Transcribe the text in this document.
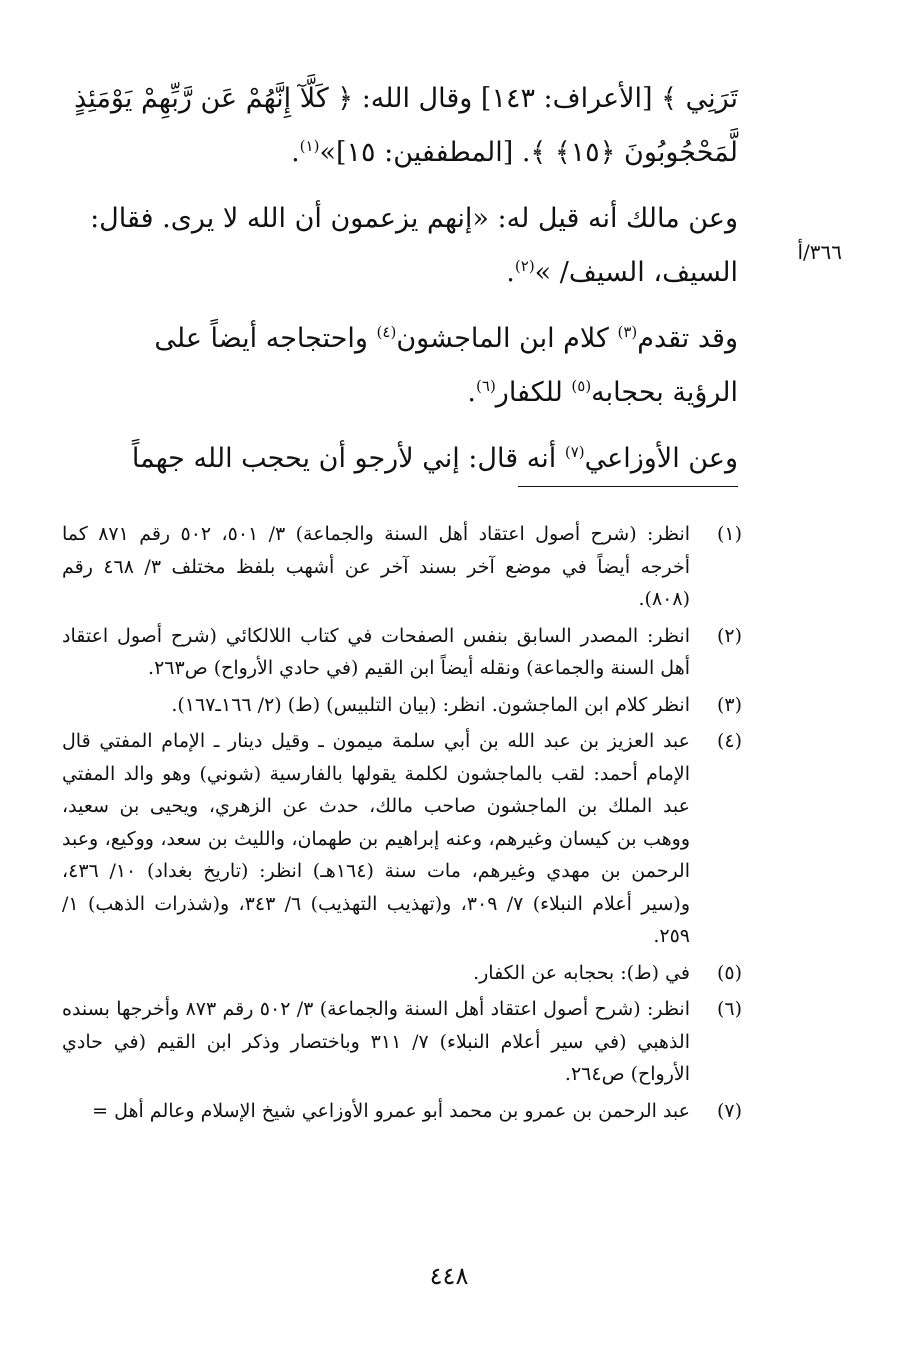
تَرَنِي ﴾ [الأعراف: ١٤٣] وقال الله: ﴿ كَلَّآ إِنَّهُمْ عَن رَّبِّهِمْ يَوْمَئِذٍ
لَّمَحْجُوبُونَ ﴿١٥﴾ ﴾. [المطففين: ١٥]»$^{(١)}$.
وعن مالك أنه قيل له: «إنهم يزعمون أن الله لا يرى. فقال:
السيف، السيف/ »$^{(٢)}$.
وقد تقدم$^{(٣)}$ كلام ابن الماجشون$^{(٤)}$ واحتجاجه أيضاً على
الرؤية بحجابه$^{(٥)}$ للكفار$^{(٦)}$.
وعن الأوزاعي$^{(٧)}$ أنه قال: إني لأرجو أن يحجب الله جهماً
٣٦٦/أ
(١)
انظر: (شرح أصول اعتقاد أهل السنة والجماعة) ٣/ ٥٠١، ٥٠٢ رقم ٨٧١ كما أخرجه أيضاً في موضع آخر بسند آخر عن أشهب بلفظ مختلف ٣/ ٤٦٨ رقم (٨٠٨).
(٢)
انظر: المصدر السابق بنفس الصفحات في كتاب اللالكائي (شرح أصول اعتقاد أهل السنة والجماعة) ونقله أيضاً ابن القيم (في حادي الأرواح) ص٢٦٣.
(٣)
انظر كلام ابن الماجشون. انظر: (بيان التلبيس) (ط) (٢/ ١٦٦ـ١٦٧).
(٤)
عبد العزيز بن عبد الله بن أبي سلمة ميمون ـ وقيل دينار ـ الإمام المفتي قال الإمام أحمد: لقب بالماجشون لكلمة يقولها بالفارسية (شوني) وهو والد المفتي عبد الملك بن الماجشون صاحب مالك، حدث عن الزهري، ويحيى بن سعيد، ووهب بن كيسان وغيرهم، وعنه إبراهيم بن طهمان، والليث بن سعد، ووكيع، وعبد الرحمن بن مهدي وغيرهم، مات سنة (١٦٤هـ) انظر: (تاريخ بغداد) ١٠/ ٤٣٦، و(سير أعلام النبلاء) ٧/ ٣٠٩، و(تهذيب التهذيب) ٦/ ٣٤٣، و(شذرات الذهب) ١/ ٢٥٩.
(٥)
في (ط): بحجابه عن الكفار.
(٦)
انظر: (شرح أصول اعتقاد أهل السنة والجماعة) ٣/ ٥٠٢ رقم ٨٧٣ وأخرجها بسنده الذهبي (في سير أعلام النبلاء) ٧/ ٣١١ وباختصار وذكر ابن القيم (في حادي الأرواح) ص٢٦٤.
(٧)
عبد الرحمن بن عمرو بن محمد أبو عمرو الأوزاعي شيخ الإسلام وعالم أهل =
٤٤٨
